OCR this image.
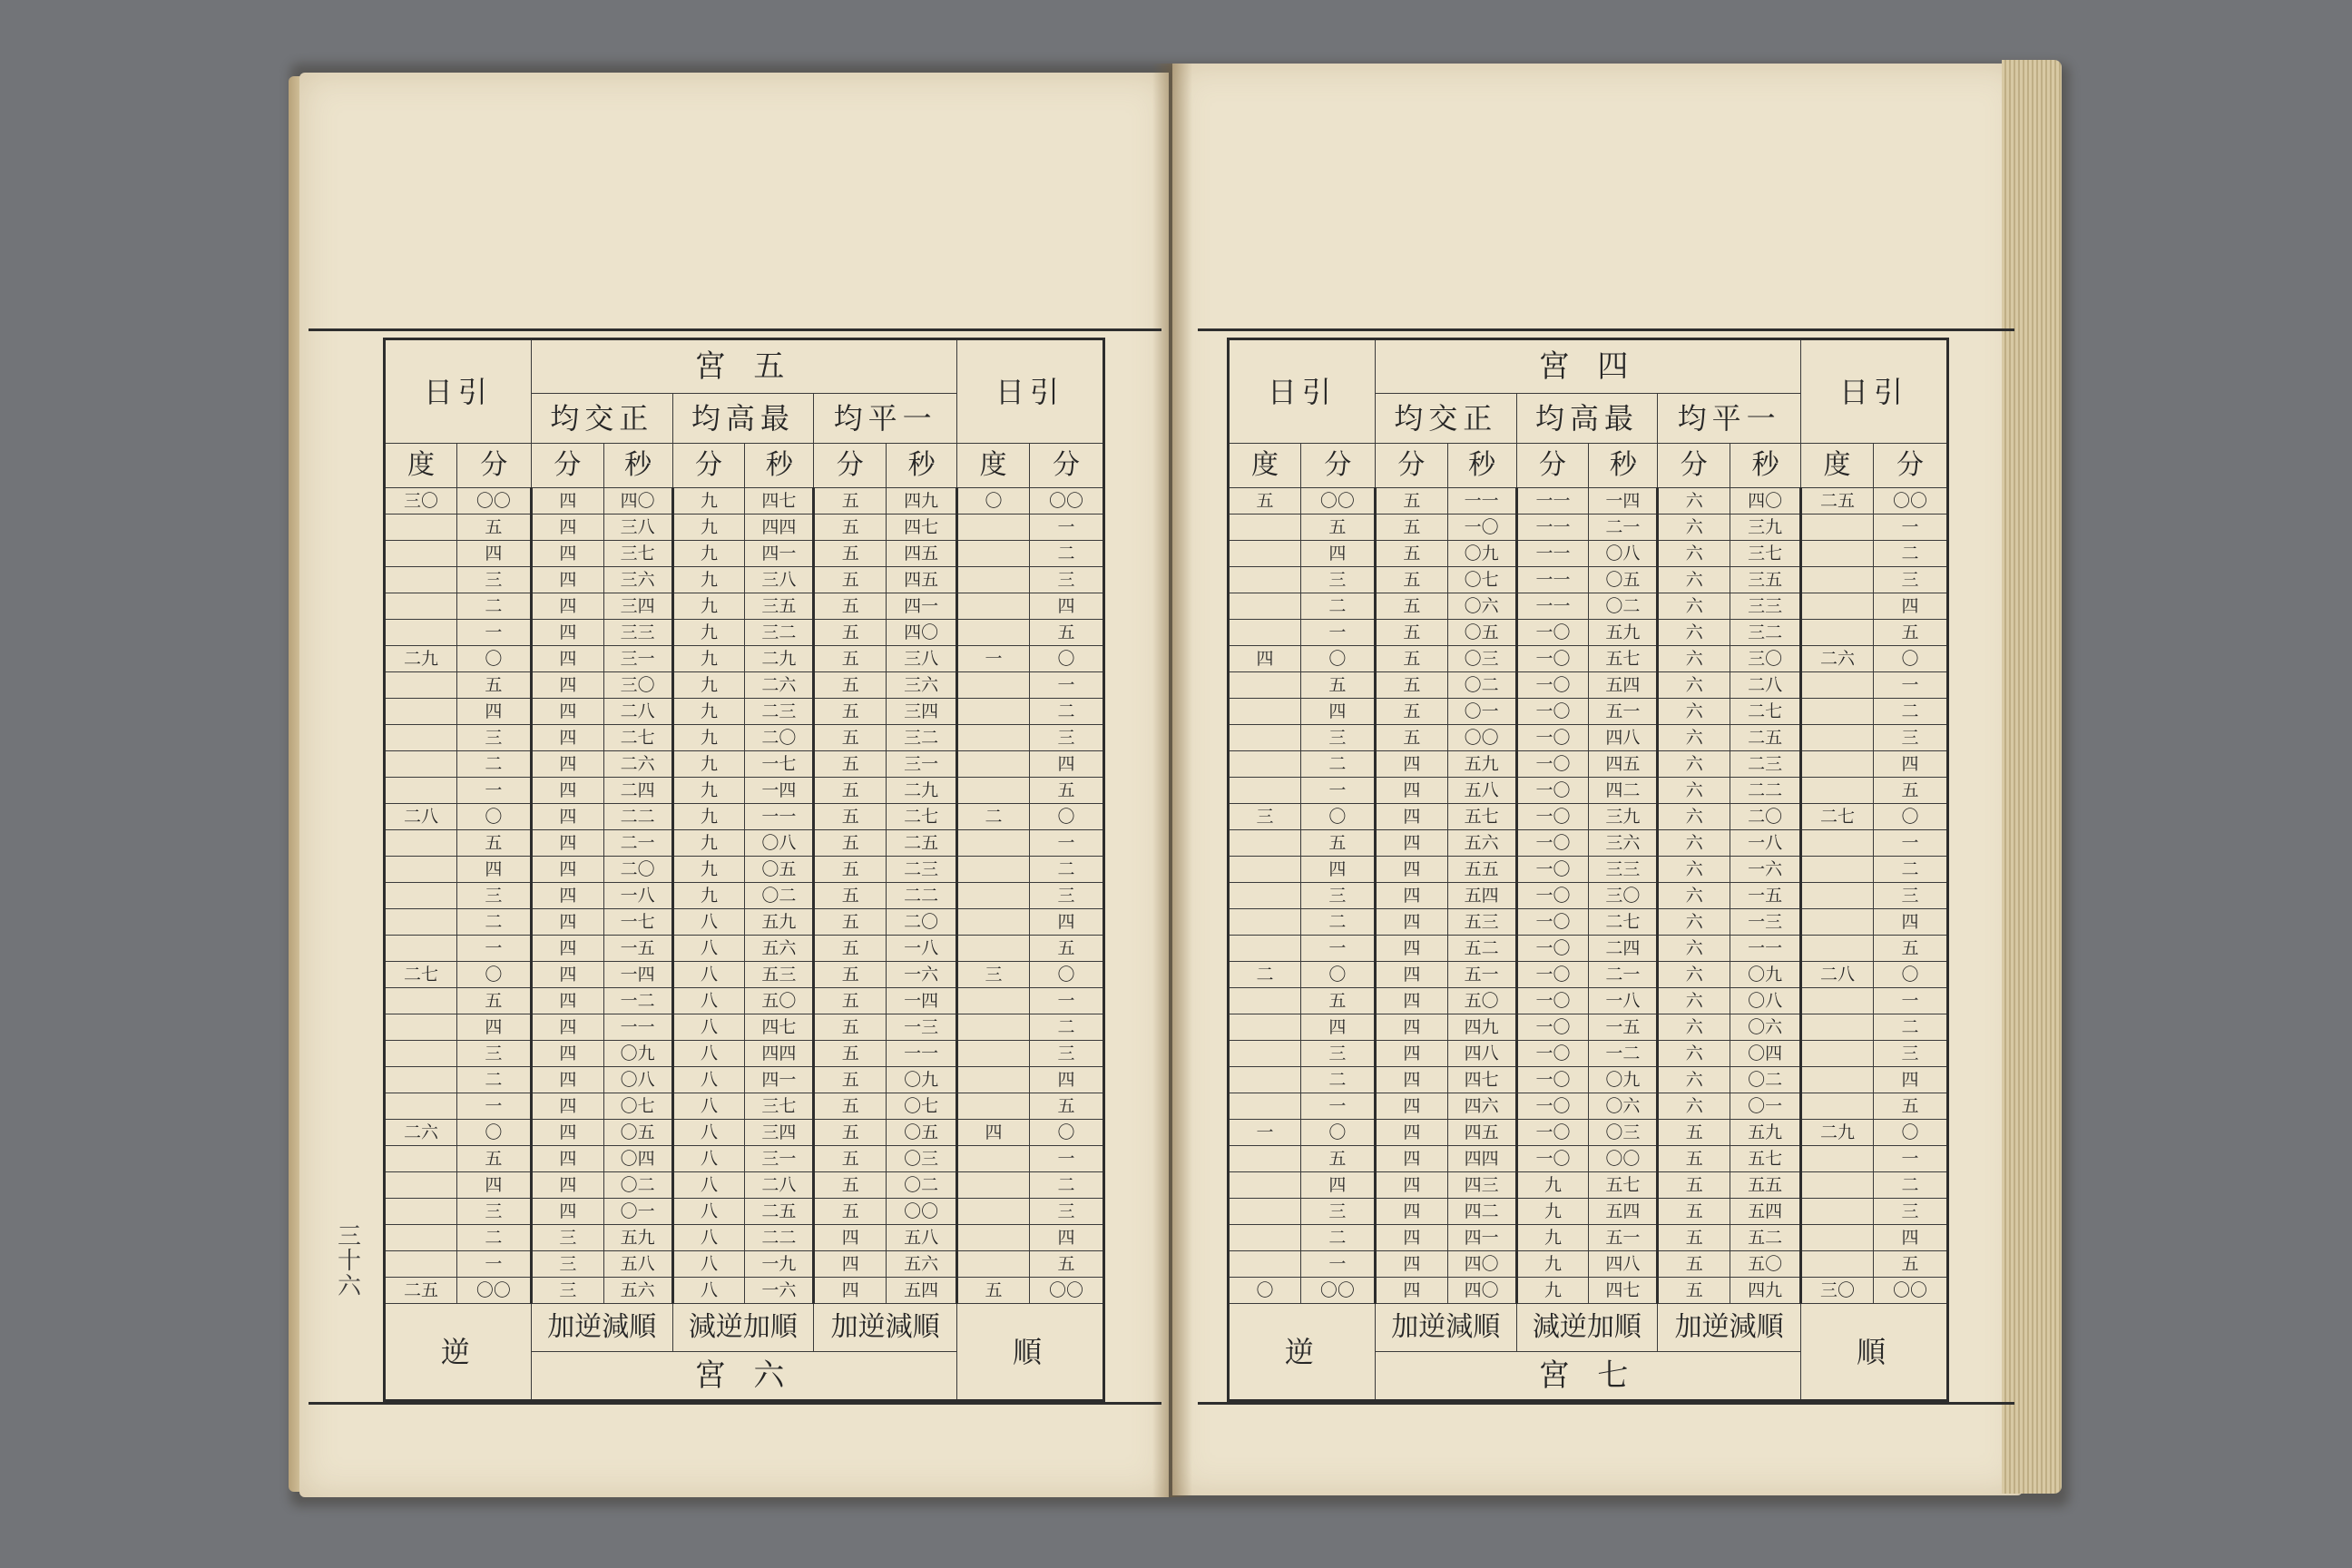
三十六
日引		宮 五						日引	
		均交正		均高最		均平一			
度	分	分	秒	分	秒	分	秒	度	分
三〇	〇〇	四	四〇	九	四七	五	四九	〇	〇〇
	五	四	三八	九	四四	五	四七		一
	四	四	三七	九	四一	五	四五		二
	三	四	三六	九	三八	五	四五		三
	二	四	三四	九	三五	五	四一		四
	一	四	三三	九	三二	五	四〇		五
二九	〇	四	三一	九	二九	五	三八	一	〇
	五	四	三〇	九	二六	五	三六		一
	四	四	二八	九	二三	五	三四		二
	三	四	二七	九	二〇	五	三二		三
	二	四	二六	九	一七	五	三一		四
	一	四	二四	九	一四	五	二九		五
二八	〇	四	二二	九	一一	五	二七	二	〇
	五	四	二一	九	〇八	五	二五		一
	四	四	二〇	九	〇五	五	二三		二
	三	四	一八	九	〇二	五	二二		三
	二	四	一七	八	五九	五	二〇		四
	一	四	一五	八	五六	五	一八		五
二七	〇	四	一四	八	五三	五	一六	三	〇
	五	四	一二	八	五〇	五	一四		一
	四	四	一一	八	四七	五	一三		二
	三	四	〇九	八	四四	五	一一		三
	二	四	〇八	八	四一	五	〇九		四
	一	四	〇七	八	三七	五	〇七		五
二六	〇	四	〇五	八	三四	五	〇五	四	〇
	五	四	〇四	八	三一	五	〇三		一
	四	四	〇二	八	二八	五	〇二		二
	三	四	〇一	八	二五	五	〇〇		三
	二	三	五九	八	二二	四	五八		四
	一	三	五八	八	一九	四	五六		五
二五	〇〇	三	五六	八	一六	四	五四	五	〇〇
逆		加逆減順		減逆加順		加逆減順		順	
		宮 六							
日引		宮 四						日引	
		均交正		均高最		均平一			
度	分	分	秒	分	秒	分	秒	度	分
五	〇〇	五	一一	一一	一四	六	四〇	二五	〇〇
	五	五	一〇	一一	二一	六	三九		一
	四	五	〇九	一一	〇八	六	三七		二
	三	五	〇七	一一	〇五	六	三五		三
	二	五	〇六	一一	〇二	六	三三		四
	一	五	〇五	一〇	五九	六	三二		五
四	〇	五	〇三	一〇	五七	六	三〇	二六	〇
	五	五	〇二	一〇	五四	六	二八		一
	四	五	〇一	一〇	五一	六	二七		二
	三	五	〇〇	一〇	四八	六	二五		三
	二	四	五九	一〇	四五	六	二三		四
	一	四	五八	一〇	四二	六	二二		五
三	〇	四	五七	一〇	三九	六	二〇	二七	〇
	五	四	五六	一〇	三六	六	一八		一
	四	四	五五	一〇	三三	六	一六		二
	三	四	五四	一〇	三〇	六	一五		三
	二	四	五三	一〇	二七	六	一三		四
	一	四	五二	一〇	二四	六	一一		五
二	〇	四	五一	一〇	二一	六	〇九	二八	〇
	五	四	五〇	一〇	一八	六	〇八		一
	四	四	四九	一〇	一五	六	〇六		二
	三	四	四八	一〇	一二	六	〇四		三
	二	四	四七	一〇	〇九	六	〇二		四
	一	四	四六	一〇	〇六	六	〇一		五
一	〇	四	四五	一〇	〇三	五	五九	二九	〇
	五	四	四四	一〇	〇〇	五	五七		一
	四	四	四三	九	五七	五	五五		二
	三	四	四二	九	五四	五	五四		三
	二	四	四一	九	五一	五	五二		四
	一	四	四〇	九	四八	五	五〇		五
〇	〇〇	四	四〇	九	四七	五	四九	三〇	〇〇
逆		加逆減順		減逆加順		加逆減順		順	
		宮 七							
